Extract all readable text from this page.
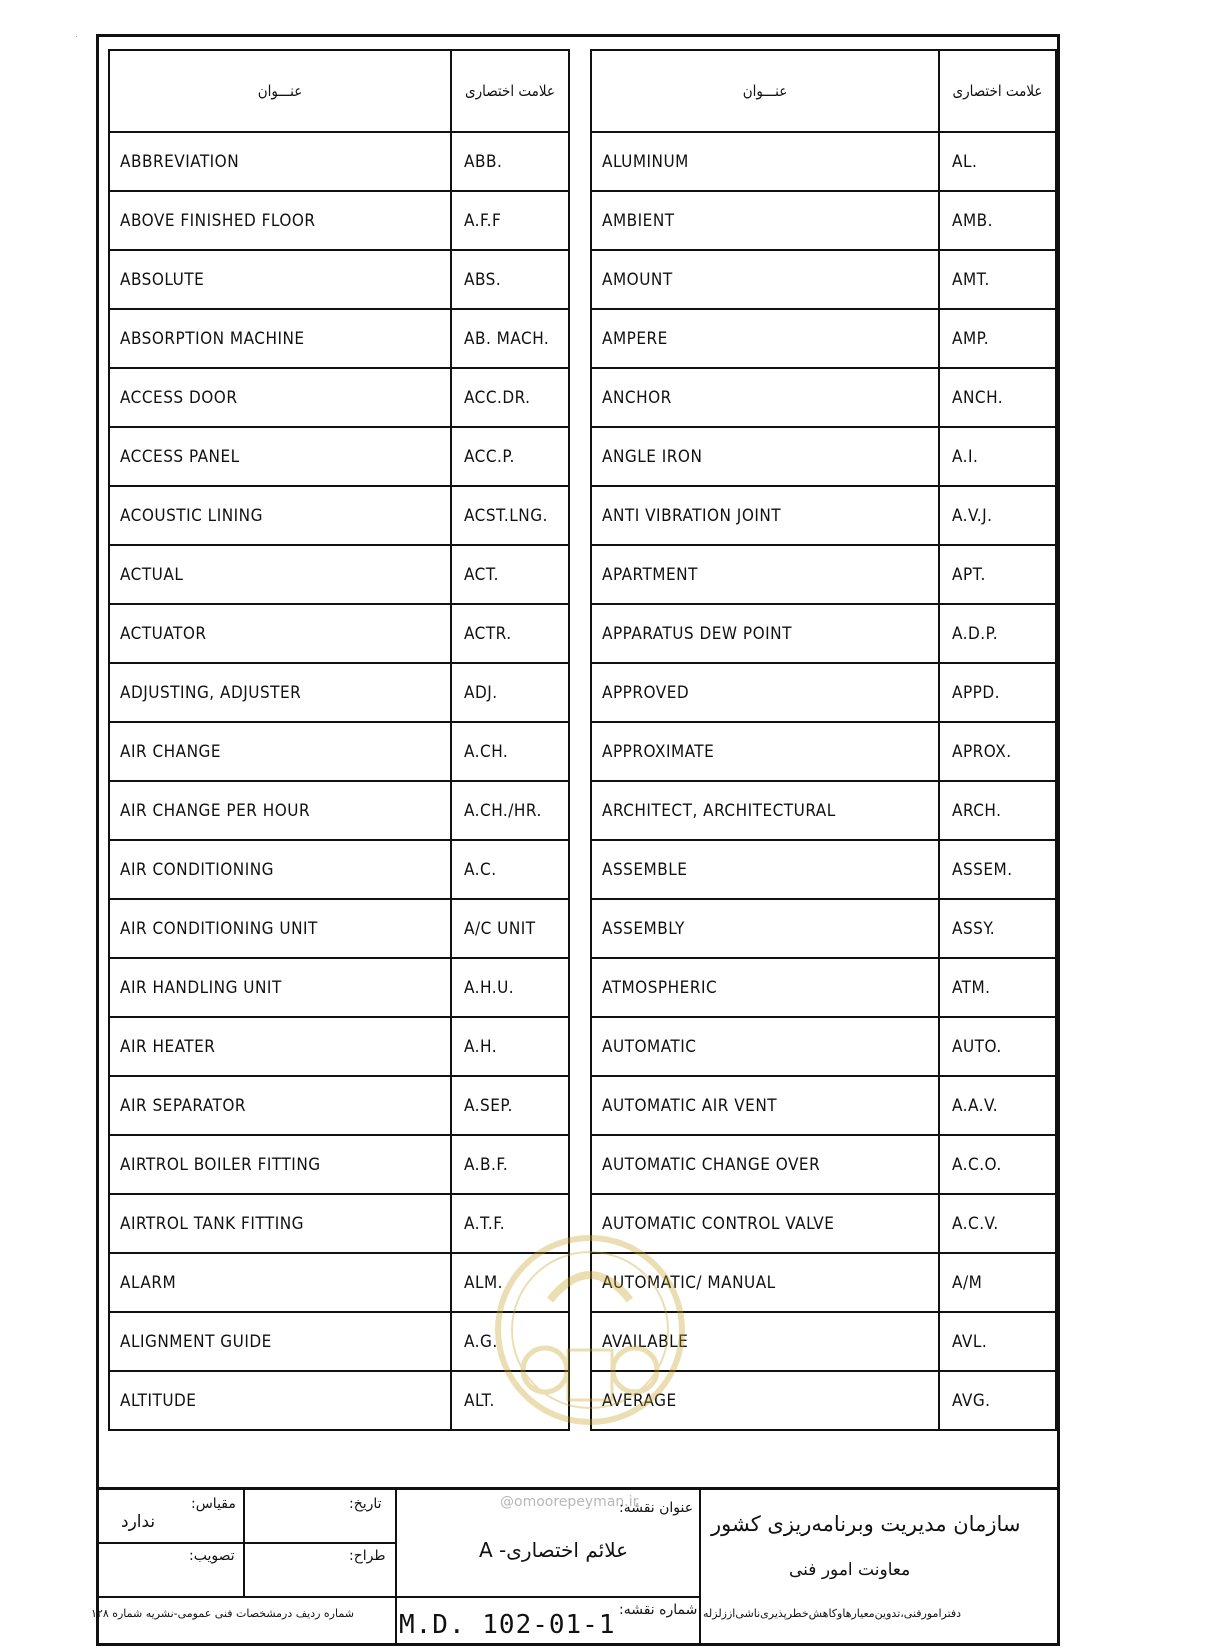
عنـــوان	علامت اختصاری
ABBREVIATION	ABB.
ABOVE FINISHED FLOOR	A.F.F
ABSOLUTE	ABS.
ABSORPTION MACHINE	AB. MACH.
ACCESS DOOR	ACC.DR.
ACCESS PANEL	ACC.P.
ACOUSTIC LINING	ACST.LNG.
ACTUAL	ACT.
ACTUATOR	ACTR.
ADJUSTING, ADJUSTER	ADJ.
AIR CHANGE	A.CH.
AIR CHANGE PER HOUR	A.CH./HR.
AIR CONDITIONING	A.C.
AIR CONDITIONING UNIT	A/C UNIT
AIR HANDLING UNIT	A.H.U.
AIR HEATER	A.H.
AIR SEPARATOR	A.SEP.
AIRTROL BOILER FITTING	A.B.F.
AIRTROL TANK FITTING	A.T.F.
ALARM	ALM.
ALIGNMENT GUIDE	A.G.
ALTITUDE	ALT.
عنـــوان	علامت اختصاری
ALUMINUM	AL.
AMBIENT	AMB.
AMOUNT	AMT.
AMPERE	AMP.
ANCHOR	ANCH.
ANGLE IRON	A.I.
ANTI VIBRATION JOINT	A.V.J.
APARTMENT	APT.
APPARATUS DEW POINT	A.D.P.
APPROVED	APPD.
APPROXIMATE	APROX.
ARCHITECT, ARCHITECTURAL	ARCH.
ASSEMBLE	ASSEM.
ASSEMBLY	ASSY.
ATMOSPHERIC	ATM.
AUTOMATIC	AUTO.
AUTOMATIC AIR VENT	A.A.V.
AUTOMATIC CHANGE OVER	A.C.O.
AUTOMATIC CONTROL VALVE	A.C.V.
AUTOMATIC/ MANUAL	A/M
AVAILABLE	AVL.
AVERAGE	AVG.
مقیاس:
ندارد
تاریخ:
تصویب:	طراح:
شماره ردیف درمشخصات فنی عمومی-نشریه شماره ۱۲۸
عنوان نقشه:
علائم اختصاری- A
شماره نقشه:
M.D. 102-01-1
سازمان مدیریت وبرنامه‌ریزی کشور
معاونت امور فنی
دفترامورفنی،تدوین‌معیارهاوکاهش‌خطرپذیری‌ناشی‌اززلزله
@omoorepeyman.ir
